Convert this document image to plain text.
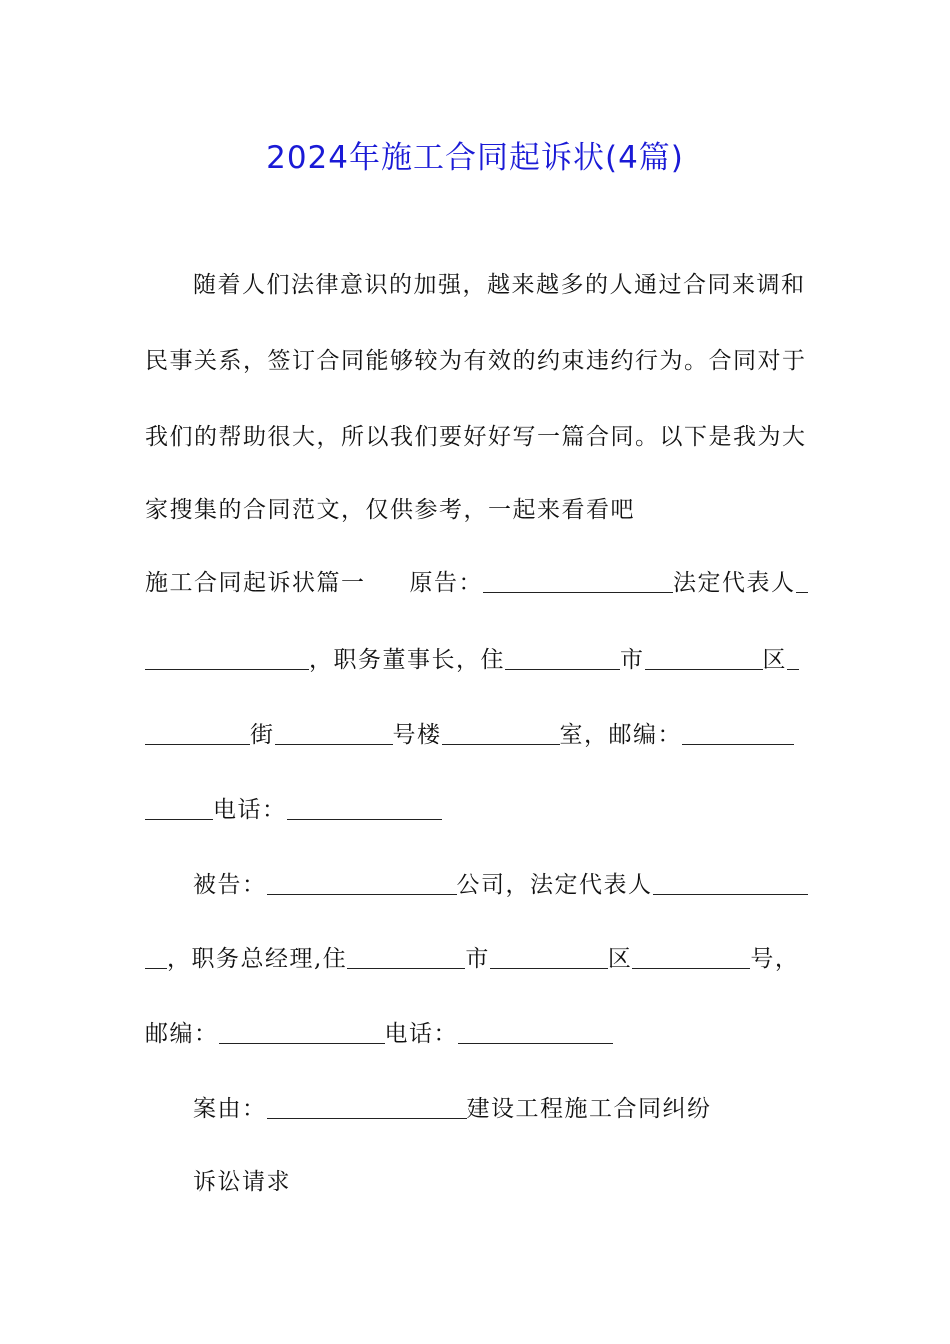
2024年施工合同起诉状(4篇)
随着人们法律意识的加强，越来越多的人通过合同来调和
民事关系，签订合同能够较为有效的约束违约行为。合同对于
我们的帮助很大，所以我们要好好写一篇合同。以下是我为大
家搜集的合同范文，仅供参考，一起来看看吧
施工合同起诉状篇一 原告：	法定代表人
，职务董事长，住	市	区
街	号楼	室，邮编：
电话：
被告：	公司，法定代表人
，职务总经理,住	市	区	号，
邮编：	电话：
案由：	建设工程施工合同纠纷
诉讼请求
